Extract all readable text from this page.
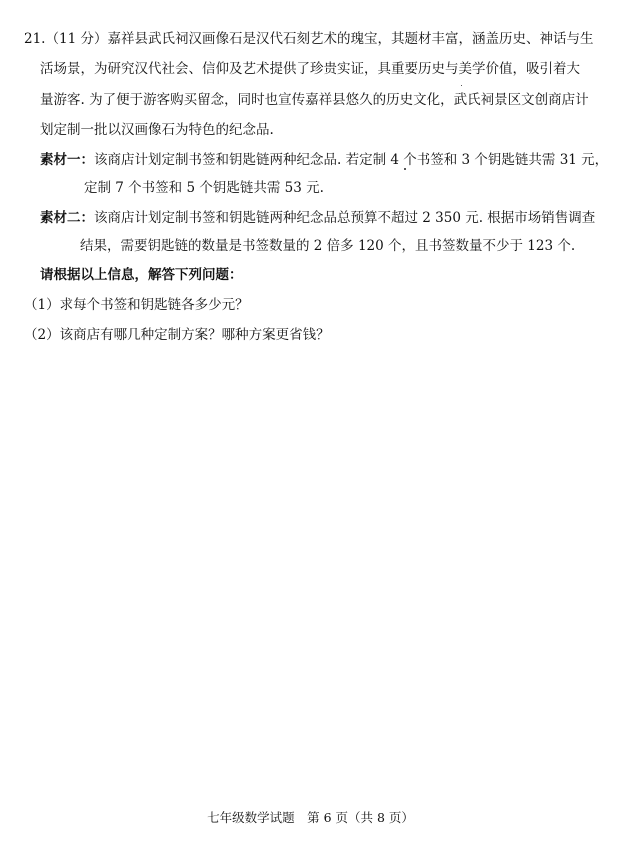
21.（11 分）嘉祥县武氏祠汉画像石是汉代石刻艺术的瑰宝，其题材丰富，涵盖历史、神话与生
活场景，为研究汉代社会、信仰及艺术提供了珍贵实证，具重要历史与美学价值，吸引着大
量游客. 为了便于游客购买留念，同时也宣传嘉祥县悠久的历史文化，武氏祠景区文创商店计
划定制一批以汉画像石为特色的纪念品.
素材一：该商店计划定制书签和钥匙链两种纪念品. 若定制 4 个书签和 3 个钥匙链共需 31 元，
定制 7 个书签和 5 个钥匙链共需 53 元.
素材二：该商店计划定制书签和钥匙链两种纪念品总预算不超过 2 350 元. 根据市场销售调查
结果，需要钥匙链的数量是书签数量的 2 倍多 120 个，且书签数量不少于 123 个.
请根据以上信息，解答下列问题：
（1）求每个书签和钥匙链各多少元？
（2）该商店有哪几种定制方案？哪种方案更省钱？
七年级数学试题　第 6 页（共 8 页）
